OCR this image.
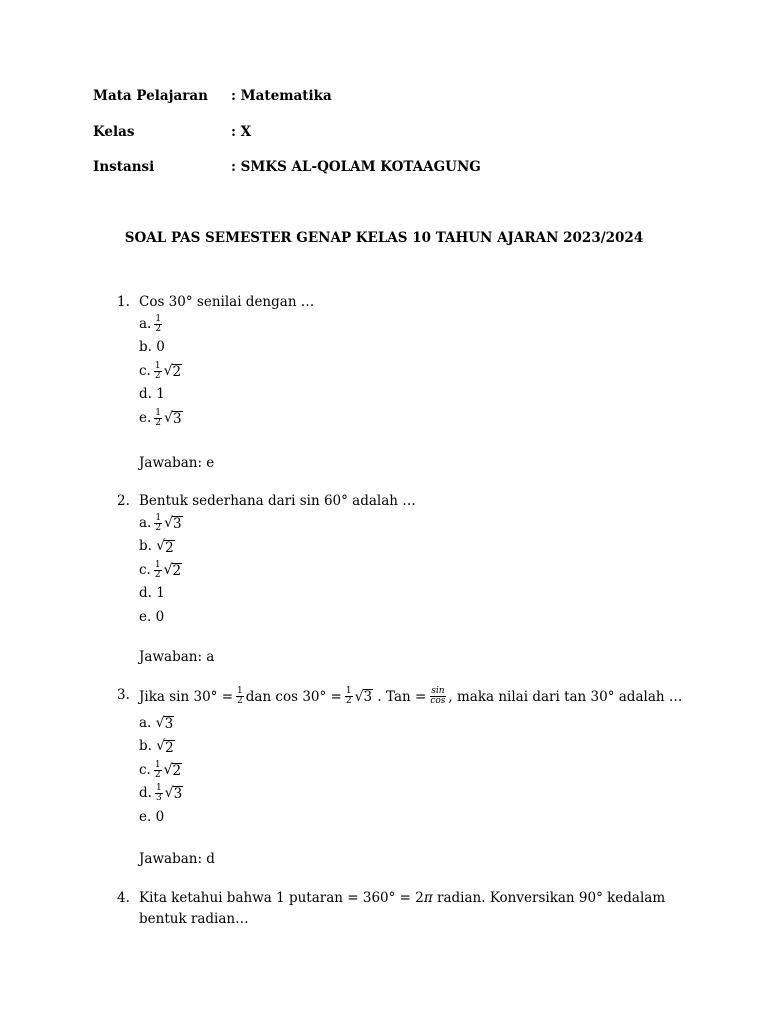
Mata Pelajaran : Matematika
Kelas	: X
Instansi	: SMKS AL-QOLAM KOTAAGUNG
SOAL PAS SEMESTER GENAP KELAS 10 TAHUN AJARAN 2023/2024
1. Cos 30° senilai dengan …
a. $\frac{1}{2}$
b.
0
c. $\frac{1}{2}$ √ 2
d.
1
e. $\frac{1}{2}$ √ 3
Jawaban: e
2. Bentuk sederhana dari sin 60° adalah …
a. $\frac{1}{2}$ √ 3
b.
√ 2
c. $\frac{1}{2}$ √ 2
d.
1
e.
0
Jawaban: a
3. Jika $\sin 30^\circ = \frac{1}{2}$ dan $\cos 30^\circ = \frac{1}{2}$ √ 3
. Tan = $\frac{\sin}{\cos}$ , maka nilai dari tan 30° adalah …
a.
√ 3
b.
√ 2
c. $\frac{1}{2}$ √ 2
d. $\frac{1}{3}$ √ 3
e.
0
Jawaban: d
4. Kita ketahui bahwa 1 putaran = 360° = 2π radian. Konversikan 90° kedalam
bentuk radian…
